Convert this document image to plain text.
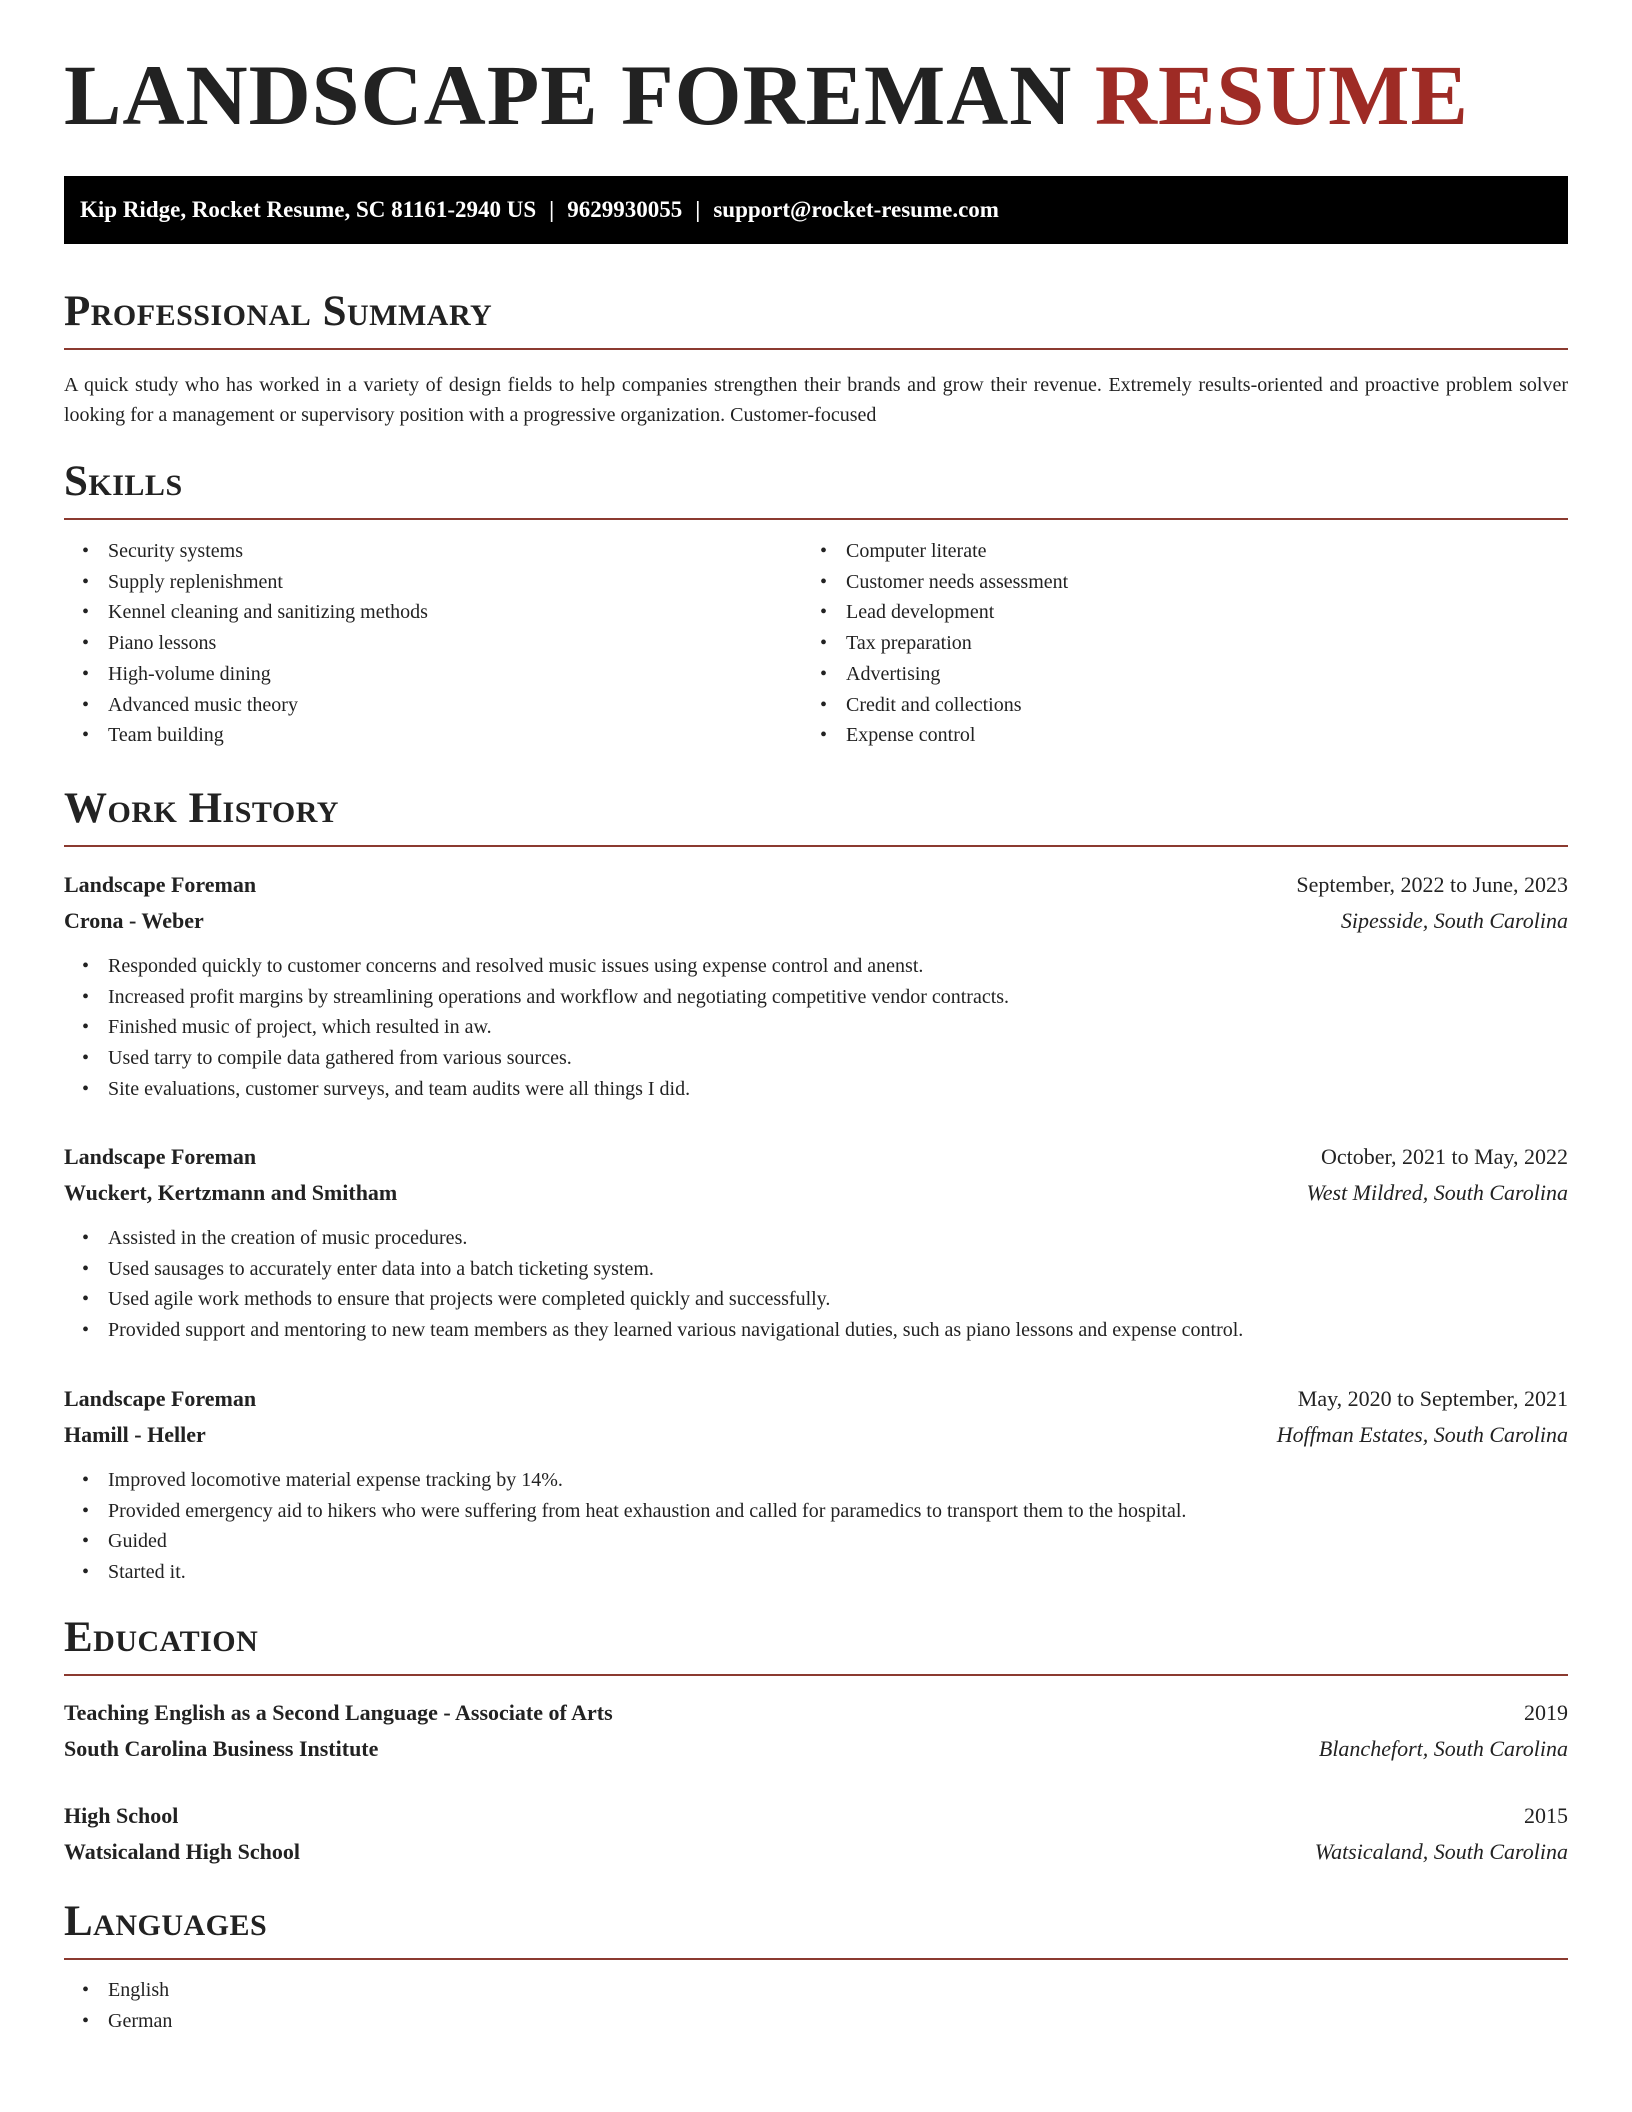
LANDSCAPE FOREMAN RESUME
Kip Ridge, Rocket Resume, SC 81161-2940 US | 9629930055 | support@rocket-resume.com
Professional Summary

A quick study who has worked in a variety of design fields to help companies strengthen their brands and grow their revenue. Extremely results-oriented and proactive problem solver looking for a management or supervisory position with a progressive organization. Customer-focused

Skills
• Security systems
• Supply replenishment
• Kennel cleaning and sanitizing methods
• Piano lessons
• High-volume dining
• Advanced music theory
• Team building
• Computer literate
• Customer needs assessment
• Lead development
• Tax preparation
• Advertising
• Credit and collections
• Expense control
Work History
Landscape Foreman	September, 2022 to June, 2023
Crona - Weber	Sipesside, South Carolina
• Responded quickly to customer concerns and resolved music issues using expense control and anenst.
• Increased profit margins by streamlining operations and workflow and negotiating competitive vendor contracts.
• Finished music of project, which resulted in aw.
• Used tarry to compile data gathered from various sources.
• Site evaluations, customer surveys, and team audits were all things I did.
Landscape Foreman	October, 2021 to May, 2022
Wuckert, Kertzmann and Smitham	West Mildred, South Carolina
• Assisted in the creation of music procedures.
• Used sausages to accurately enter data into a batch ticketing system.
• Used agile work methods to ensure that projects were completed quickly and successfully.
• Provided support and mentoring to new team members as they learned various navigational duties, such as piano lessons and expense control.
Landscape Foreman	May, 2020 to September, 2021
Hamill - Heller	Hoffman Estates, South Carolina
• Improved locomotive material expense tracking by 14%.
• Provided emergency aid to hikers who were suffering from heat exhaustion and called for paramedics to transport them to the hospital.
• Guided
• Started it.
Education
Teaching English as a Second Language - Associate of Arts	2019
South Carolina Business Institute	Blanchefort, South Carolina
High School	2015
Watsicaland High School	Watsicaland, South Carolina
Languages
• English
• German
